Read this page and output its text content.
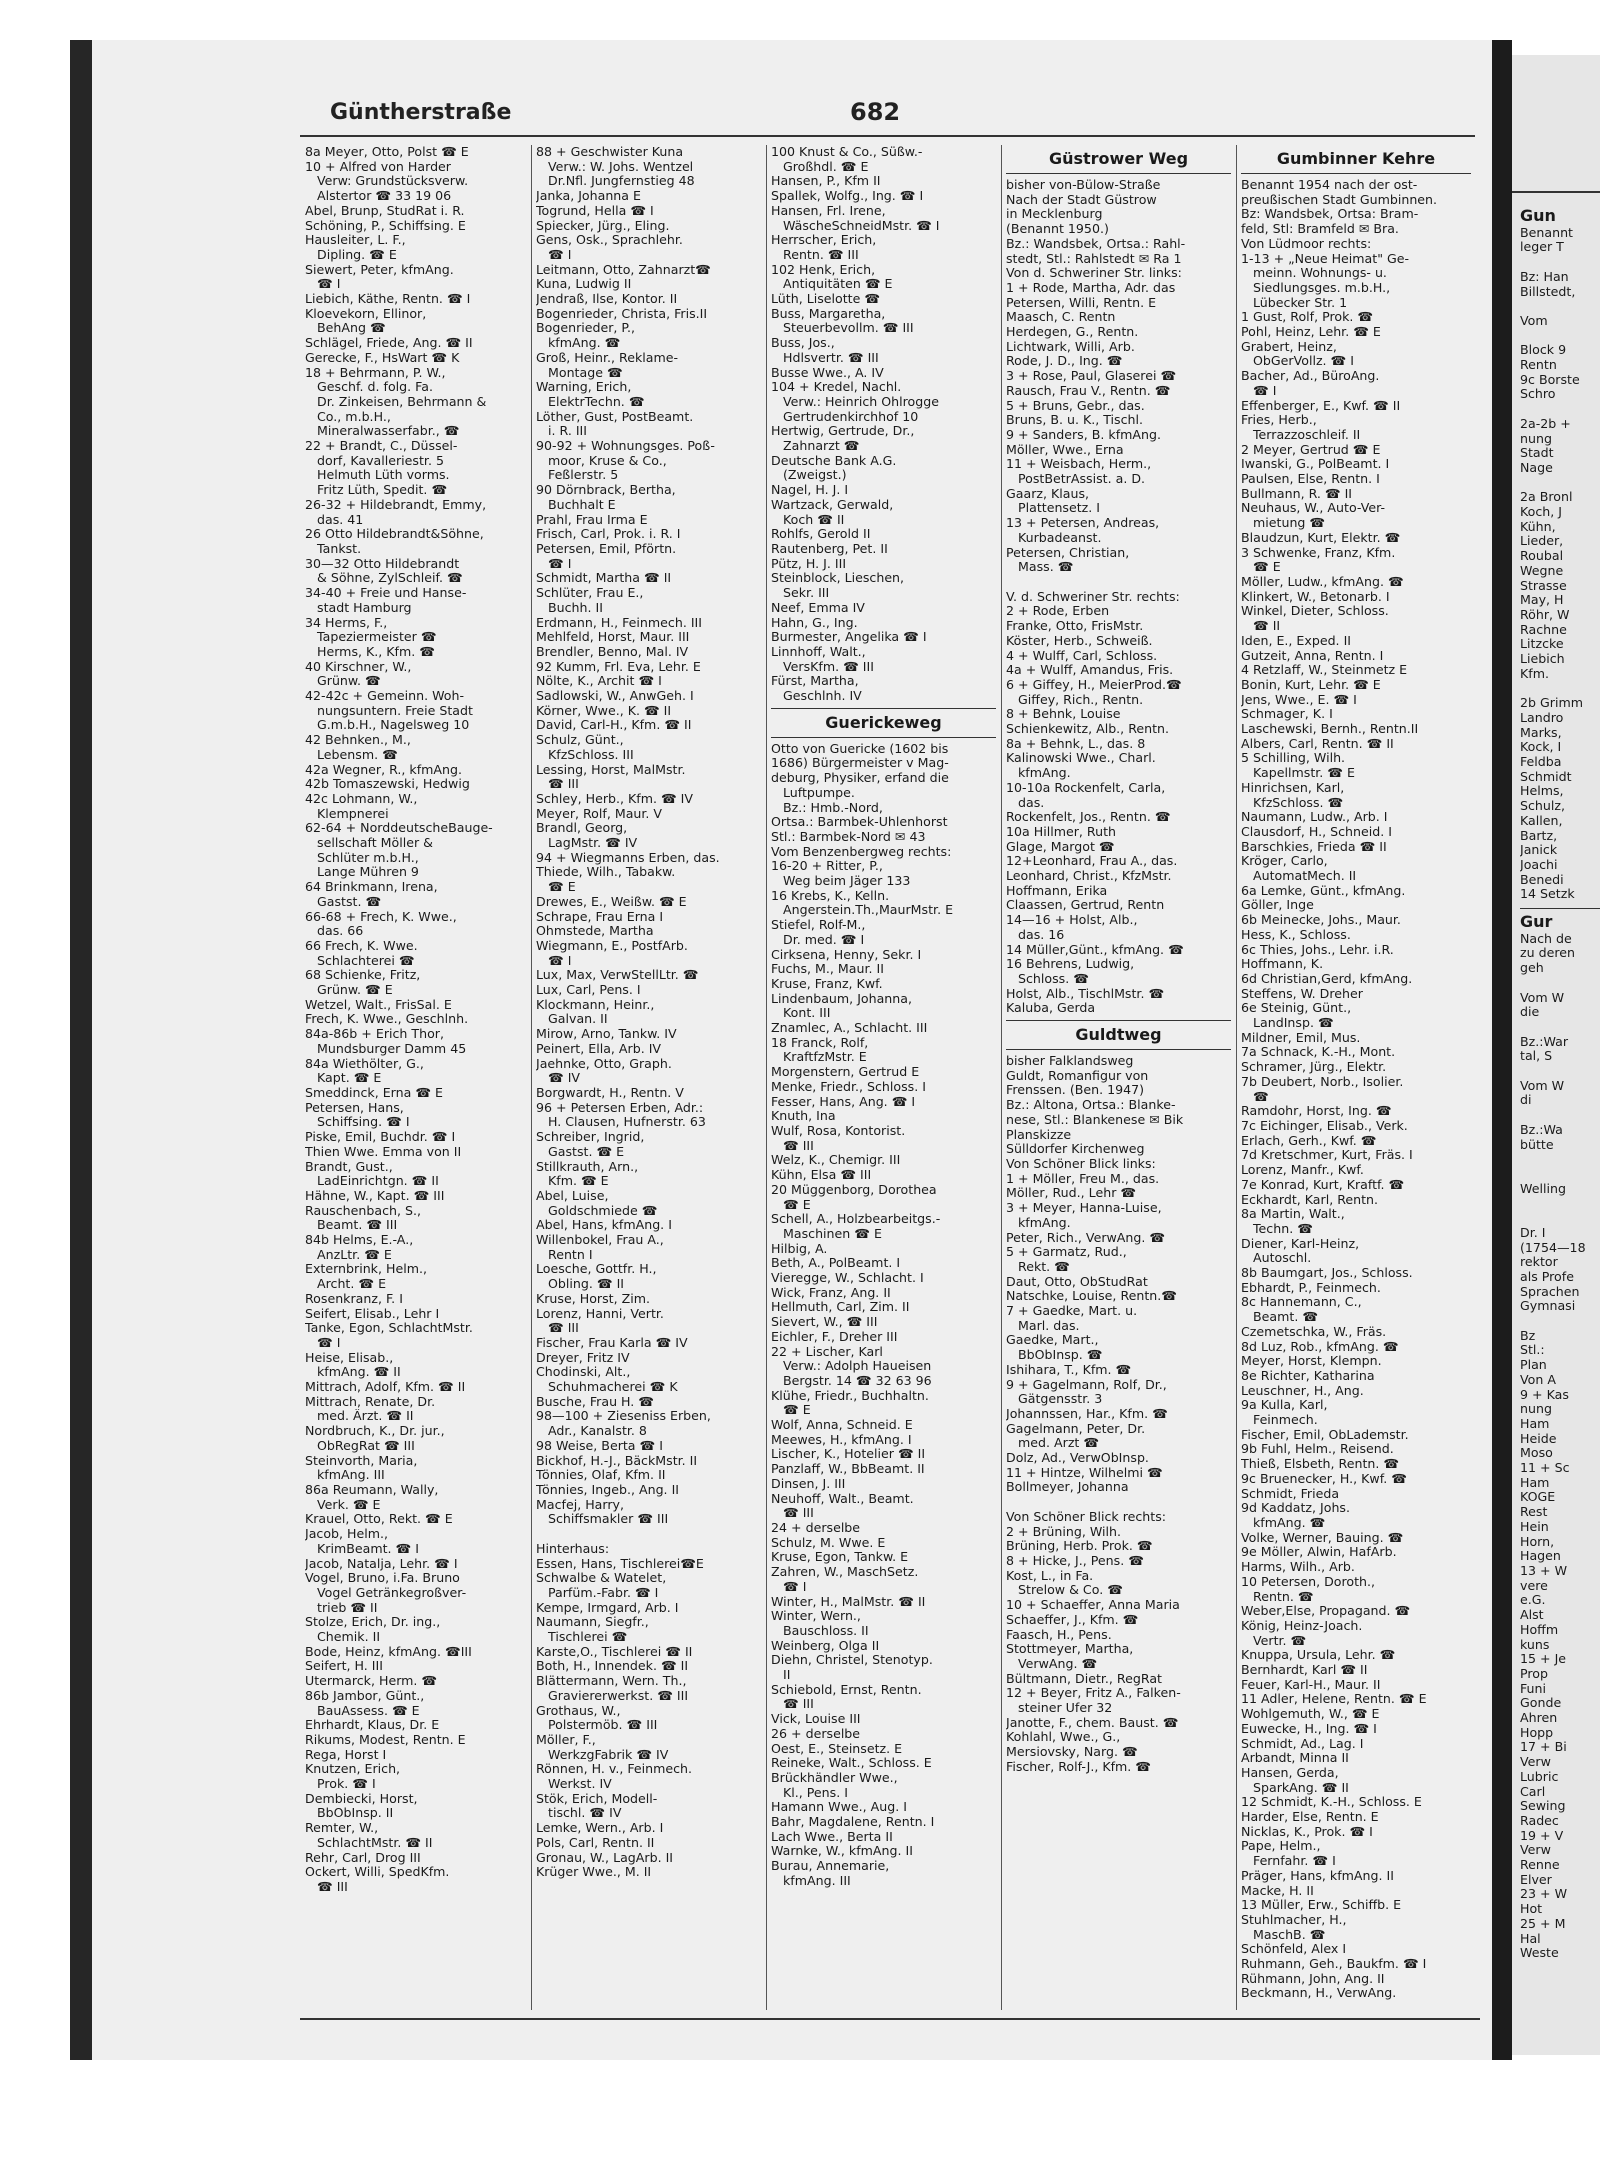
Gun
Benannt
leger T

Bz: Han
Billstedt,

Vom

Block 9
Rentn
9c Borste
Schro

2a-2b +
nung
Stadt
Nage

2a Bronl
Koch, J
Kühn,
Lieder,
Roubal
Wegne
Strasse
May, H
Röhr, W
Rachne
Litzcke
Liebich
Kfm.

2b Grimm
Landro
Marks,
Kock, I
Feldba
Schmidt
Helms,
Schulz,
Kallen,
Bartz,
Janick
Joachi
Benedi
14 Setzk
Gur
Nach de
zu deren
geh

Vom W
die

Bz.:War
tal, S

Vom W
di

Bz.:Wa
bütte

Welling

Dr. I
(1754—18
rektor
als Profe
Sprachen
Gymnasi

Bz
Stl.:
Plan
Von A
9 + Kas
nung
Ham
Heide
Moso
11 + Sc
Ham
KOGE
Rest
Hein
Horn,
Hagen
13 + W
vere
e.G.
Alst
Hoffm
kuns
15 + Je
Prop
Funi
Gonde
Ahren
Hopp
17 + Bi
Verw
Lubric
Carl
Sewing
Radec
19 + V
Verw
Renne
Elver
23 + W
Hot
25 + M
Hal
Weste
Güntherstraße	682
8a Meyer, Otto, Polst ☎ E
10 + Alfred von Harder
Verw: Grundstücksverw.
Alstertor ☎ 33 19 06
Abel, Brunp, StudRat i. R.
Schöning, P., Schiffsing. E
Hausleiter, L. F.,
Dipling. ☎ E
Siewert, Peter, kfmAng.
☎ I
Liebich, Käthe, Rentn. ☎ I
Kloevekorn, Ellinor,
BehAng ☎
Schlägel, Friede, Ang. ☎ II
Gerecke, F., HsWart ☎ K
18 + Behrmann, P. W.,
Geschf. d. folg. Fa.
Dr. Zinkeisen, Behrmann &
Co., m.b.H.,
Mineralwasserfabr., ☎
22 + Brandt, C., Düssel-
dorf, Kavalleriestr. 5
Helmuth Lüth vorms.
Fritz Lüth, Spedit. ☎
26-32 + Hildebrandt, Emmy,
das. 41
26 Otto Hildebrandt&Söhne,
Tankst.
30—32 Otto Hildebrandt
& Söhne, ZylSchleif. ☎
34-40 + Freie und Hanse-
stadt Hamburg
34 Herms, F.,
Tapeziermeister ☎
Herms, K., Kfm. ☎
40 Kirschner, W.,
Grünw. ☎
42-42c + Gemeinn. Woh-
nungsuntern. Freie Stadt
G.m.b.H., Nagelsweg 10
42 Behnken., M.,
Lebensm. ☎
42a Wegner, R., kfmAng.
42b Tomaszewski, Hedwig
42c Lohmann, W.,
Klempnerei
62-64 + NorddeutscheBauge-
sellschaft Möller &
Schlüter m.b.H.,
Lange Mühren 9
64 Brinkmann, Irena,
Gastst. ☎
66-68 + Frech, K. Wwe.,
das. 66
66 Frech, K. Wwe.
Schlachterei ☎
68 Schienke, Fritz,
Grünw. ☎ E
Wetzel, Walt., FrisSal. E
Frech, K. Wwe., Geschlnh.
84a-86b + Erich Thor,
Mundsburger Damm 45
84a Wiethölter, G.,
Kapt. ☎ E
Smeddinck, Erna ☎ E
Petersen, Hans,
Schiffsing. ☎ I
Piske, Emil, Buchdr. ☎ I
Thien Wwe. Emma von II
Brandt, Gust.,
LadEinrichtgn. ☎ II
Hähne, W., Kapt. ☎ III
Rauschenbach, S.,
Beamt. ☎ III
84b Helms, E.-A.,
AnzLtr. ☎ E
Externbrink, Helm.,
Archt. ☎ E
Rosenkranz, F. I
Seifert, Elisab., Lehr I
Tanke, Egon, SchlachtMstr.
☎ I
Heise, Elisab.,
kfmAng. ☎ II
Mittrach, Adolf, Kfm. ☎ II
Mittrach, Renate, Dr.
med. Ärzt. ☎ II
Nordbruch, K., Dr. jur.,
ObRegRat ☎ III
Steinvorth, Maria,
kfmAng. III
86a Reumann, Wally,
Verk. ☎ E
Krauel, Otto, Rekt. ☎ E
Jacob, Helm.,
KrimBeamt. ☎ I
Jacob, Natalja, Lehr. ☎ I
Vogel, Bruno, i.Fa. Bruno
Vogel Getränkegroßver-
trieb ☎ II
Stolze, Erich, Dr. ing.,
Chemik. II
Bode, Heinz, kfmAng. ☎III
Seifert, H. III
Utermarck, Herm. ☎
86b Jambor, Günt.,
BauAssess. ☎ E
Ehrhardt, Klaus, Dr. E
Rikums, Modest, Rentn. E
Rega, Horst I
Knutzen, Erich,
Prok. ☎ I
Dembiecki, Horst,
BbObInsp. II
Remter, W.,
SchlachtMstr. ☎ II
Rehr, Carl, Drog III
Ockert, Willi, SpedKfm.
☎ III
88 + Geschwister Kuna
Verw.: W. Johs. Wentzel
Dr.Nfl. Jungfernstieg 48
Janka, Johanna E
Togrund, Hella ☎ I
Spiecker, Jürg., Eling.
Gens, Osk., Sprachlehr.
☎ I
Leitmann, Otto, Zahnarzt☎
Kuna, Ludwig II
Jendraß, Ilse, Kontor. II
Bogenrieder, Christa, Fris.II
Bogenrieder, P.,
kfmAng. ☎
Groß, Heinr., Reklame-
Montage ☎
Warning, Erich,
ElektrTechn. ☎
Löther, Gust, PostBeamt.
i. R. III
90-92 + Wohnungsges. Poß-
moor, Kruse & Co.,
Feßlerstr. 5
90 Dörnbrack, Bertha,
Buchhalt E
Prahl, Frau Irma E
Frisch, Carl, Prok. i. R. I
Petersen, Emil, Pförtn.
☎ I
Schmidt, Martha ☎ II
Schlüter, Frau E.,
Buchh. II
Erdmann, H., Feinmech. III
Mehlfeld, Horst, Maur. III
Brendler, Benno, Mal. IV
92 Kumm, Frl. Eva, Lehr. E
Nölte, K., Archit ☎ I
Sadlowski, W., AnwGeh. I
Körner, Wwe., K. ☎ II
David, Carl-H., Kfm. ☎ II
Schulz, Günt.,
KfzSchloss. III
Lessing, Horst, MalMstr.
☎ III
Schley, Herb., Kfm. ☎ IV
Meyer, Rolf, Maur. V
Brandl, Georg,
LagMstr. ☎ IV
94 + Wiegmanns Erben, das.
Thiede, Wilh., Tabakw.
☎ E
Drewes, E., Weißw. ☎ E
Schrape, Frau Erna I
Ohmstede, Martha
Wiegmann, E., PostfArb.
☎ I
Lux, Max, VerwStellLtr. ☎
Lux, Carl, Pens. I
Klockmann, Heinr.,
Galvan. II
Mirow, Arno, Tankw. IV
Peinert, Ella, Arb. IV
Jaehnke, Otto, Graph.
☎ IV
Borgwardt, H., Rentn. V
96 + Petersen Erben, Adr.:
H. Clausen, Hufnerstr. 63
Schreiber, Ingrid,
Gastst. ☎ E
Stillkrauth, Arn.,
Kfm. ☎ E
Abel, Luise,
Goldschmiede ☎
Abel, Hans, kfmAng. I
Willenbokel, Frau A.,
Rentn I
Loesche, Gottfr. H.,
Obling. ☎ II
Kruse, Horst, Zim.
Lorenz, Hanni, Vertr.
☎ III
Fischer, Frau Karla ☎ IV
Dreyer, Fritz IV
Chodinski, Alt.,
Schuhmacherei ☎ K
Busche, Frau H. ☎
98—100 + Zieseniss Erben,
Adr., Kanalstr. 8
98 Weise, Berta ☎ I
Bickhof, H.-J., BäckMstr. II
Tönnies, Olaf, Kfm. II
Tönnies, Ingeb., Ang. II
Macfej, Harry,
Schiffsmakler ☎ III

Hinterhaus:
Essen, Hans, Tischlerei☎E
Schwalbe & Watelet,
Parfüm.-Fabr. ☎ I
Kempe, Irmgard, Arb. I
Naumann, Siegfr.,
Tischlerei ☎
Karste,O., Tischlerei ☎ II
Both, H., Innendek. ☎ II
Blättermann, Wern. Th.,
Graviererwerkst. ☎ III
Grothaus, W.,
Polstermöb. ☎ III
Möller, F.,
WerkzgFabrik ☎ IV
Rönnen, H. v., Feinmech.
Werkst. IV
Stök, Erich, Modell-
tischl. ☎ IV
Lemke, Wern., Arb. I
Pols, Carl, Rentn. II
Gronau, W., LagArb. II
Krüger Wwe., M. II
100 Knust & Co., Süßw.-
Großhdl. ☎ E
Hansen, P., Kfm II
Spallek, Wolfg., Ing. ☎ I
Hansen, Frl. Irene,
WäscheSchneidMstr. ☎ I
Herrscher, Erich,
Rentn. ☎ III
102 Henk, Erich,
Antiquitäten ☎ E
Lüth, Liselotte ☎
Buss, Margaretha,
Steuerbevollm. ☎ III
Buss, Jos.,
Hdlsvertr. ☎ III
Busse Wwe., A. IV
104 + Kredel, Nachl.
Verw.: Heinrich Ohlrogge
Gertrudenkirchhof 10
Hertwig, Gertrude, Dr.,
Zahnarzt ☎
Deutsche Bank A.G.
(Zweigst.)
Nagel, H. J. I
Wartzack, Gerwald,
Koch ☎ II
Rohlfs, Gerold II
Rautenberg, Pet. II
Pütz, H. J. III
Steinblock, Lieschen,
Sekr. III
Neef, Emma IV
Hahn, G., Ing.
Burmester, Angelika ☎ I
Linnhoff, Walt.,
VersKfm. ☎ III
Fürst, Martha,
Geschlnh. IV
Guerickeweg
Otto von Guericke (1602 bis
1686) Bürgermeister v Mag-
deburg, Physiker, erfand die
Luftpumpe.
Bz.: Hmb.-Nord,
Ortsa.: Barmbek-Uhlenhorst
Stl.: Barmbek-Nord ✉ 43
Vom Benzenbergweg rechts:
16-20 + Ritter, P.,
Weg beim Jäger 133
16 Krebs, K., Kelln.
Angerstein.Th.,MaurMstr. E
Stiefel, Rolf-M.,
Dr. med. ☎ I
Cirksena, Henny, Sekr. I
Fuchs, M., Maur. II
Kruse, Franz, Kwf.
Lindenbaum, Johanna,
Kont. III
Znamlec, A., Schlacht. III
18 Franck, Rolf,
KraftfzMstr. E
Morgenstern, Gertrud E
Menke, Friedr., Schloss. I
Fesser, Hans, Ang. ☎ I
Knuth, Ina
Wulf, Rosa, Kontorist.
☎ III
Welz, K., Chemigr. III
Kühn, Elsa ☎ III
20 Müggenborg, Dorothea
☎ E
Schell, A., Holzbearbeitgs.-
Maschinen ☎ E
Hilbig, A.
Beth, A., PolBeamt. I
Vieregge, W., Schlacht. I
Wick, Franz, Ang. II
Hellmuth, Carl, Zim. II
Sievert, W., ☎ III
Eichler, F., Dreher III
22 + Lischer, Karl
Verw.: Adolph Haueisen
Bergstr. 14 ☎ 32 63 96
Klühe, Friedr., Buchhaltn.
☎ E
Wolf, Anna, Schneid. E
Meewes, H., kfmAng. I
Lischer, K., Hotelier ☎ II
Panzlaff, W., BbBeamt. II
Dinsen, J. III
Neuhoff, Walt., Beamt.
☎ III
24 + derselbe
Schulz, M. Wwe. E
Kruse, Egon, Tankw. E
Zahren, W., MaschSetz.
☎ I
Winter, H., MalMstr. ☎ II
Winter, Wern.,
Bauschloss. II
Weinberg, Olga II
Diehn, Christel, Stenotyp.
II
Schiebold, Ernst, Rentn.
☎ III
Vick, Louise III
26 + derselbe
Oest, E., Steinsetz. E
Reineke, Walt., Schloss. E
Brückhändler Wwe.,
Kl., Pens. I
Hamann Wwe., Aug. I
Bahr, Magdalene, Rentn. I
Lach Wwe., Berta II
Warnke, W., kfmAng. II
Burau, Annemarie,
kfmAng. III
Güstrower Weg
bisher von-Bülow-Straße
Nach der Stadt Güstrow
in Mecklenburg
(Benannt 1950.)
Bz.: Wandsbek, Ortsa.: Rahl-
stedt, Stl.: Rahlstedt ✉ Ra 1
Von d. Schweriner Str. links:
1 + Rode, Martha, Adr. das
Petersen, Willi, Rentn. E
Maasch, C. Rentn
Herdegen, G., Rentn.
Lichtwark, Willi, Arb.
Rode, J. D., Ing. ☎
3 + Rose, Paul, Glaserei ☎
Rausch, Frau V., Rentn. ☎
5 + Bruns, Gebr., das.
Bruns, B. u. K., Tischl.
9 + Sanders, B. kfmAng.
Möller, Wwe., Erna
11 + Weisbach, Herm.,
PostBetrAssist. a. D.
Gaarz, Klaus,
Plattensetz. I
13 + Petersen, Andreas,
Kurbadeanst.
Petersen, Christian,
Mass. ☎

V. d. Schweriner Str. rechts:
2 + Rode, Erben
Franke, Otto, FrisMstr.
Köster, Herb., Schweiß.
4 + Wulff, Carl, Schloss.
4a + Wulff, Amandus, Fris.
6 + Giffey, H., MeierProd.☎
Giffey, Rich., Rentn.
8 + Behnk, Louise
Schienkewitz, Alb., Rentn.
8a + Behnk, L., das. 8
Kalinowski Wwe., Charl.
kfmAng.
10-10a Rockenfelt, Carla,
das.
Rockenfelt, Jos., Rentn. ☎
10a Hillmer, Ruth
Glage, Margot ☎
12+Leonhard, Frau A., das.
Leonhard, Christ., KfzMstr.
Hoffmann, Erika
Claassen, Gertrud, Rentn
14—16 + Holst, Alb.,
das. 16
14 Müller,Günt., kfmAng. ☎
16 Behrens, Ludwig,
Schloss. ☎
Holst, Alb., TischlMstr. ☎
Kaluba, Gerda
Guldtweg
bisher Falklandsweg
Guldt, Romanfigur von
Frenssen. (Ben. 1947)
Bz.: Altona, Ortsa.: Blanke-
nese, Stl.: Blankenese ✉ Bik
Planskizze
Sülldorfer Kirchenweg
Von Schöner Blick links:
1 + Möller, Freu M., das.
Möller, Rud., Lehr ☎
3 + Meyer, Hanna-Luise,
kfmAng.
Peter, Rich., VerwAng. ☎
5 + Garmatz, Rud.,
Rekt. ☎
Daut, Otto, ObStudRat
Natschke, Louise, Rentn.☎
7 + Gaedke, Mart. u.
Marl. das.
Gaedke, Mart.,
BbObInsp. ☎
Ishihara, T., Kfm. ☎
9 + Gagelmann, Rolf, Dr.,
Gätgensstr. 3
Johannssen, Har., Kfm. ☎
Gagelmann, Peter, Dr.
med. Arzt ☎
Dolz, Ad., VerwObInsp.
11 + Hintze, Wilhelmi ☎
Bollmeyer, Johanna

Von Schöner Blick rechts:
2 + Brüning, Wilh.
Brüning, Herb. Prok. ☎
8 + Hicke, J., Pens. ☎
Kost, L., in Fa.
Strelow & Co. ☎
10 + Schaeffer, Anna Maria
Schaeffer, J., Kfm. ☎
Faasch, H., Pens.
Stottmeyer, Martha,
VerwAng. ☎
Bültmann, Dietr., RegRat
12 + Beyer, Fritz A., Falken-
steiner Ufer 32
Janotte, F., chem. Baust. ☎
Kohlahl, Wwe., G.,
Mersiovsky, Narg. ☎
Fischer, Rolf-J., Kfm. ☎
Gumbinner Kehre
Benannt 1954 nach der ost-
preußischen Stadt Gumbinnen.
Bz: Wandsbek, Ortsa: Bram-
feld, Stl: Bramfeld ✉ Bra.
Von Lüdmoor rechts:
1-13 + „Neue Heimat" Ge-
meinn. Wohnungs- u.
Siedlungsges. m.b.H.,
Lübecker Str. 1
1 Gust, Rolf, Prok. ☎
Pohl, Heinz, Lehr. ☎ E
Grabert, Heinz,
ObGerVollz. ☎ I
Bacher, Ad., BüroAng.
☎ I
Effenberger, E., Kwf. ☎ II
Fries, Herb.,
Terrazzoschleif. II
2 Meyer, Gertrud ☎ E
Iwanski, G., PolBeamt. I
Paulsen, Else, Rentn. I
Bullmann, R. ☎ II
Neuhaus, W., Auto-Ver-
mietung ☎
Blaudzun, Kurt, Elektr. ☎
3 Schwenke, Franz, Kfm.
☎ E
Möller, Ludw., kfmAng. ☎
Klinkert, W., Betonarb. I
Winkel, Dieter, Schloss.
☎ II
Iden, E., Exped. II
Gutzeit, Anna, Rentn. I
4 Retzlaff, W., Steinmetz E
Bonin, Kurt, Lehr. ☎ E
Jens, Wwe., E. ☎ I
Schmager, K. I
Laschewski, Bernh., Rentn.II
Albers, Carl, Rentn. ☎ II
5 Schilling, Wilh.
Kapellmstr. ☎ E
Hinrichsen, Karl,
KfzSchloss. ☎
Naumann, Ludw., Arb. I
Clausdorf, H., Schneid. I
Barschkies, Frieda ☎ II
Kröger, Carlo,
AutomatMech. II
6a Lemke, Günt., kfmAng.
Göller, Inge
6b Meinecke, Johs., Maur.
Hess, K., Schloss.
6c Thies, Johs., Lehr. i.R.
Hoffmann, K.
6d Christian,Gerd, kfmAng.
Steffens, W. Dreher
6e Steinig, Günt.,
LandInsp. ☎
Mildner, Emil, Mus.
7a Schnack, K.-H., Mont.
Schramer, Jürg., Elektr.
7b Deubert, Norb., Isolier.
☎
Ramdohr, Horst, Ing. ☎
7c Eichinger, Elisab., Verk.
Erlach, Gerh., Kwf. ☎
7d Kretschmer, Kurt, Fräs. I
Lorenz, Manfr., Kwf.
7e Konrad, Kurt, Kraftf. ☎
Eckhardt, Karl, Rentn.
8a Martin, Walt.,
Techn. ☎
Diener, Karl-Heinz,
Autoschl.
8b Baumgart, Jos., Schloss.
Ebhardt, P., Feinmech.
8c Hannemann, C.,
Beamt. ☎
Czemetschka, W., Fräs.
8d Luz, Rob., kfmAng. ☎
Meyer, Horst, Klempn.
8e Richter, Katharina
Leuschner, H., Ang.
9a Kulla, Karl,
Feinmech.
Fischer, Emil, ObLademstr.
9b Fuhl, Helm., Reisend.
Thieß, Elsbeth, Rentn. ☎
9c Bruenecker, H., Kwf. ☎
Schmidt, Frieda
9d Kaddatz, Johs.
kfmAng. ☎
Volke, Werner, Bauing. ☎
9e Möller, Alwin, HafArb.
Harms, Wilh., Arb.
10 Petersen, Doroth.,
Rentn. ☎
Weber,Else, Propagand. ☎
König, Heinz-Joach.
Vertr. ☎
Knuppa, Ursula, Lehr. ☎
Bernhardt, Karl ☎ II
Feuer, Karl-H., Maur. II
11 Adler, Helene, Rentn. ☎ E
Wohlgemuth, W., ☎ E
Euwecke, H., Ing. ☎ I
Schmidt, Ad., Lag. I
Arbandt, Minna II
Hansen, Gerda,
SparkAng. ☎ II
12 Schmidt, K.-H., Schloss. E
Harder, Else, Rentn. E
Nicklas, K., Prok. ☎ I
Pape, Helm.,
Fernfahr. ☎ I
Präger, Hans, kfmAng. II
Macke, H. II
13 Müller, Erw., Schiffb. E
Stuhlmacher, H.,
MaschB. ☎
Schönfeld, Alex I
Ruhmann, Geh., Baukfm. ☎ I
Rühmann, John, Ang. II
Beckmann, H., VerwAng.
